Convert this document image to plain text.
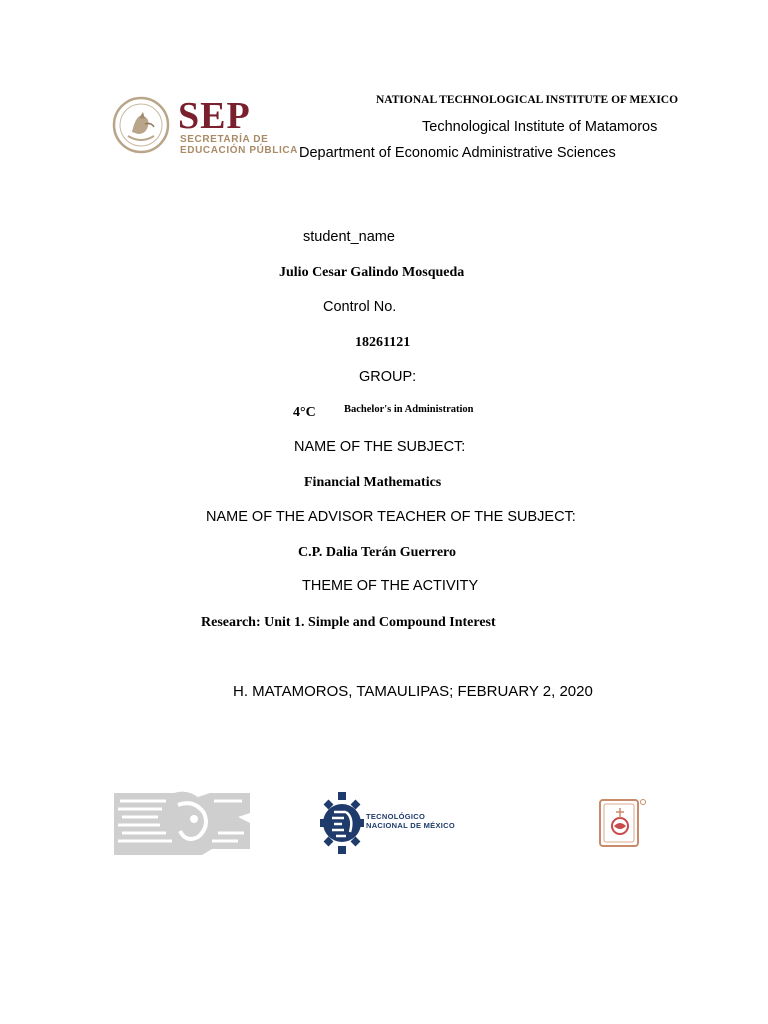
SEP
SECRETARÍA DE
EDUCACIÓN PÚBLICA
NATIONAL TECHNOLOGICAL INSTITUTE OF MEXICO
Technological Institute of Matamoros
Department of Economic Administrative Sciences
student_name
Julio Cesar Galindo Mosqueda
Control No.
18261121
GROUP:
4°C	Bachelor's in Administration
NAME OF THE SUBJECT:
Financial Mathematics
NAME OF THE ADVISOR TEACHER OF THE SUBJECT:
C.P. Dalia Terán Guerrero
THEME OF THE ACTIVITY
Research: Unit 1. Simple and Compound Interest
H. MATAMOROS, TAMAULIPAS; FEBRUARY 2, 2020
TECNOLÓGICO
NACIONAL DE MÉXICO
